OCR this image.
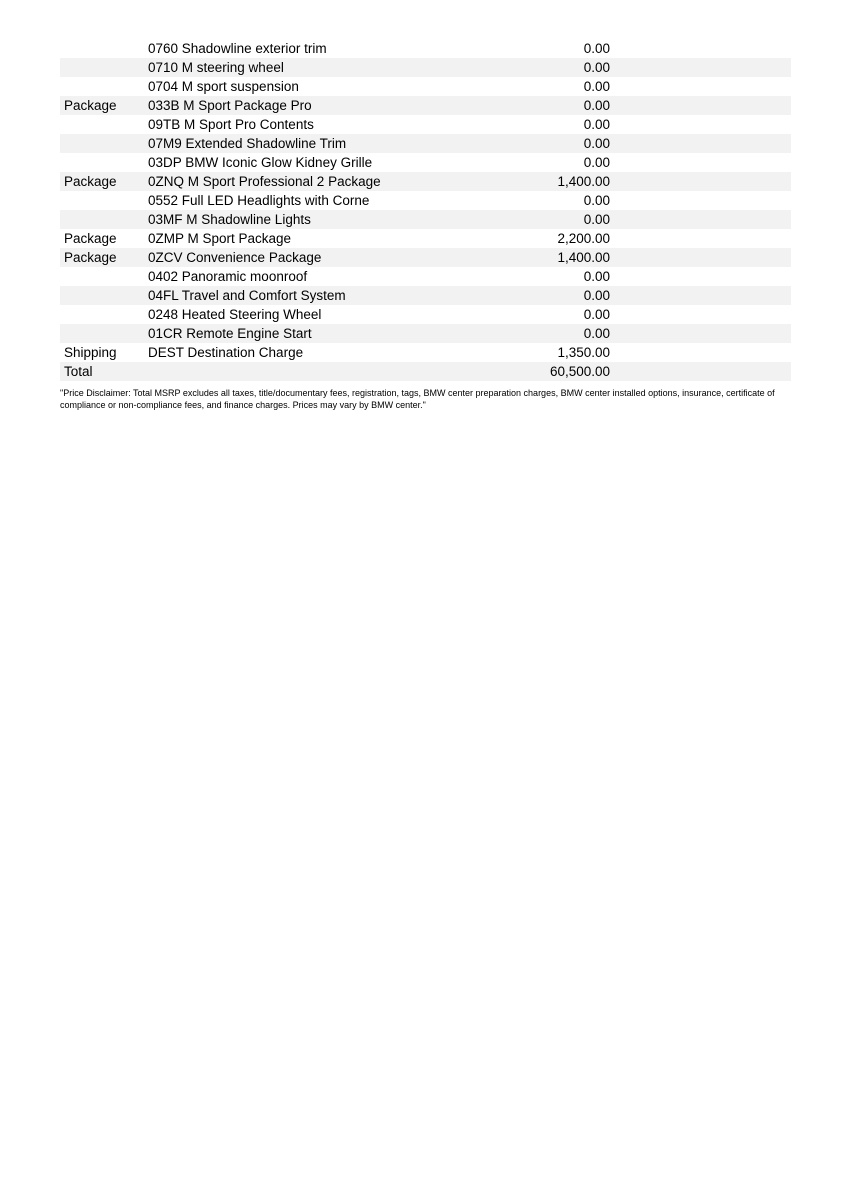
0760 Shadowline exterior trim	0.00
0710 M steering wheel	0.00
0704 M sport suspension	0.00
Package	033B M Sport Package Pro	0.00
09TB M Sport Pro Contents	0.00
07M9 Extended Shadowline Trim	0.00
03DP BMW Iconic Glow Kidney Grille	0.00
Package	0ZNQ M Sport Professional 2 Package	1,400.00
0552 Full LED Headlights with Corne	0.00
03MF M Shadowline Lights	0.00
Package	0ZMP M Sport Package	2,200.00
Package	0ZCV Convenience Package	1,400.00
0402 Panoramic moonroof	0.00
04FL Travel and Comfort System	0.00
0248 Heated Steering Wheel	0.00
01CR Remote Engine Start	0.00
Shipping	DEST Destination Charge	1,350.00
Total	60,500.00

"Price Disclaimer: Total MSRP excludes all taxes, title/documentary fees, registration, tags, BMW center preparation charges, BMW center installed options, insurance, certificate of compliance or non-compliance fees, and finance charges. Prices may vary by BMW center."
